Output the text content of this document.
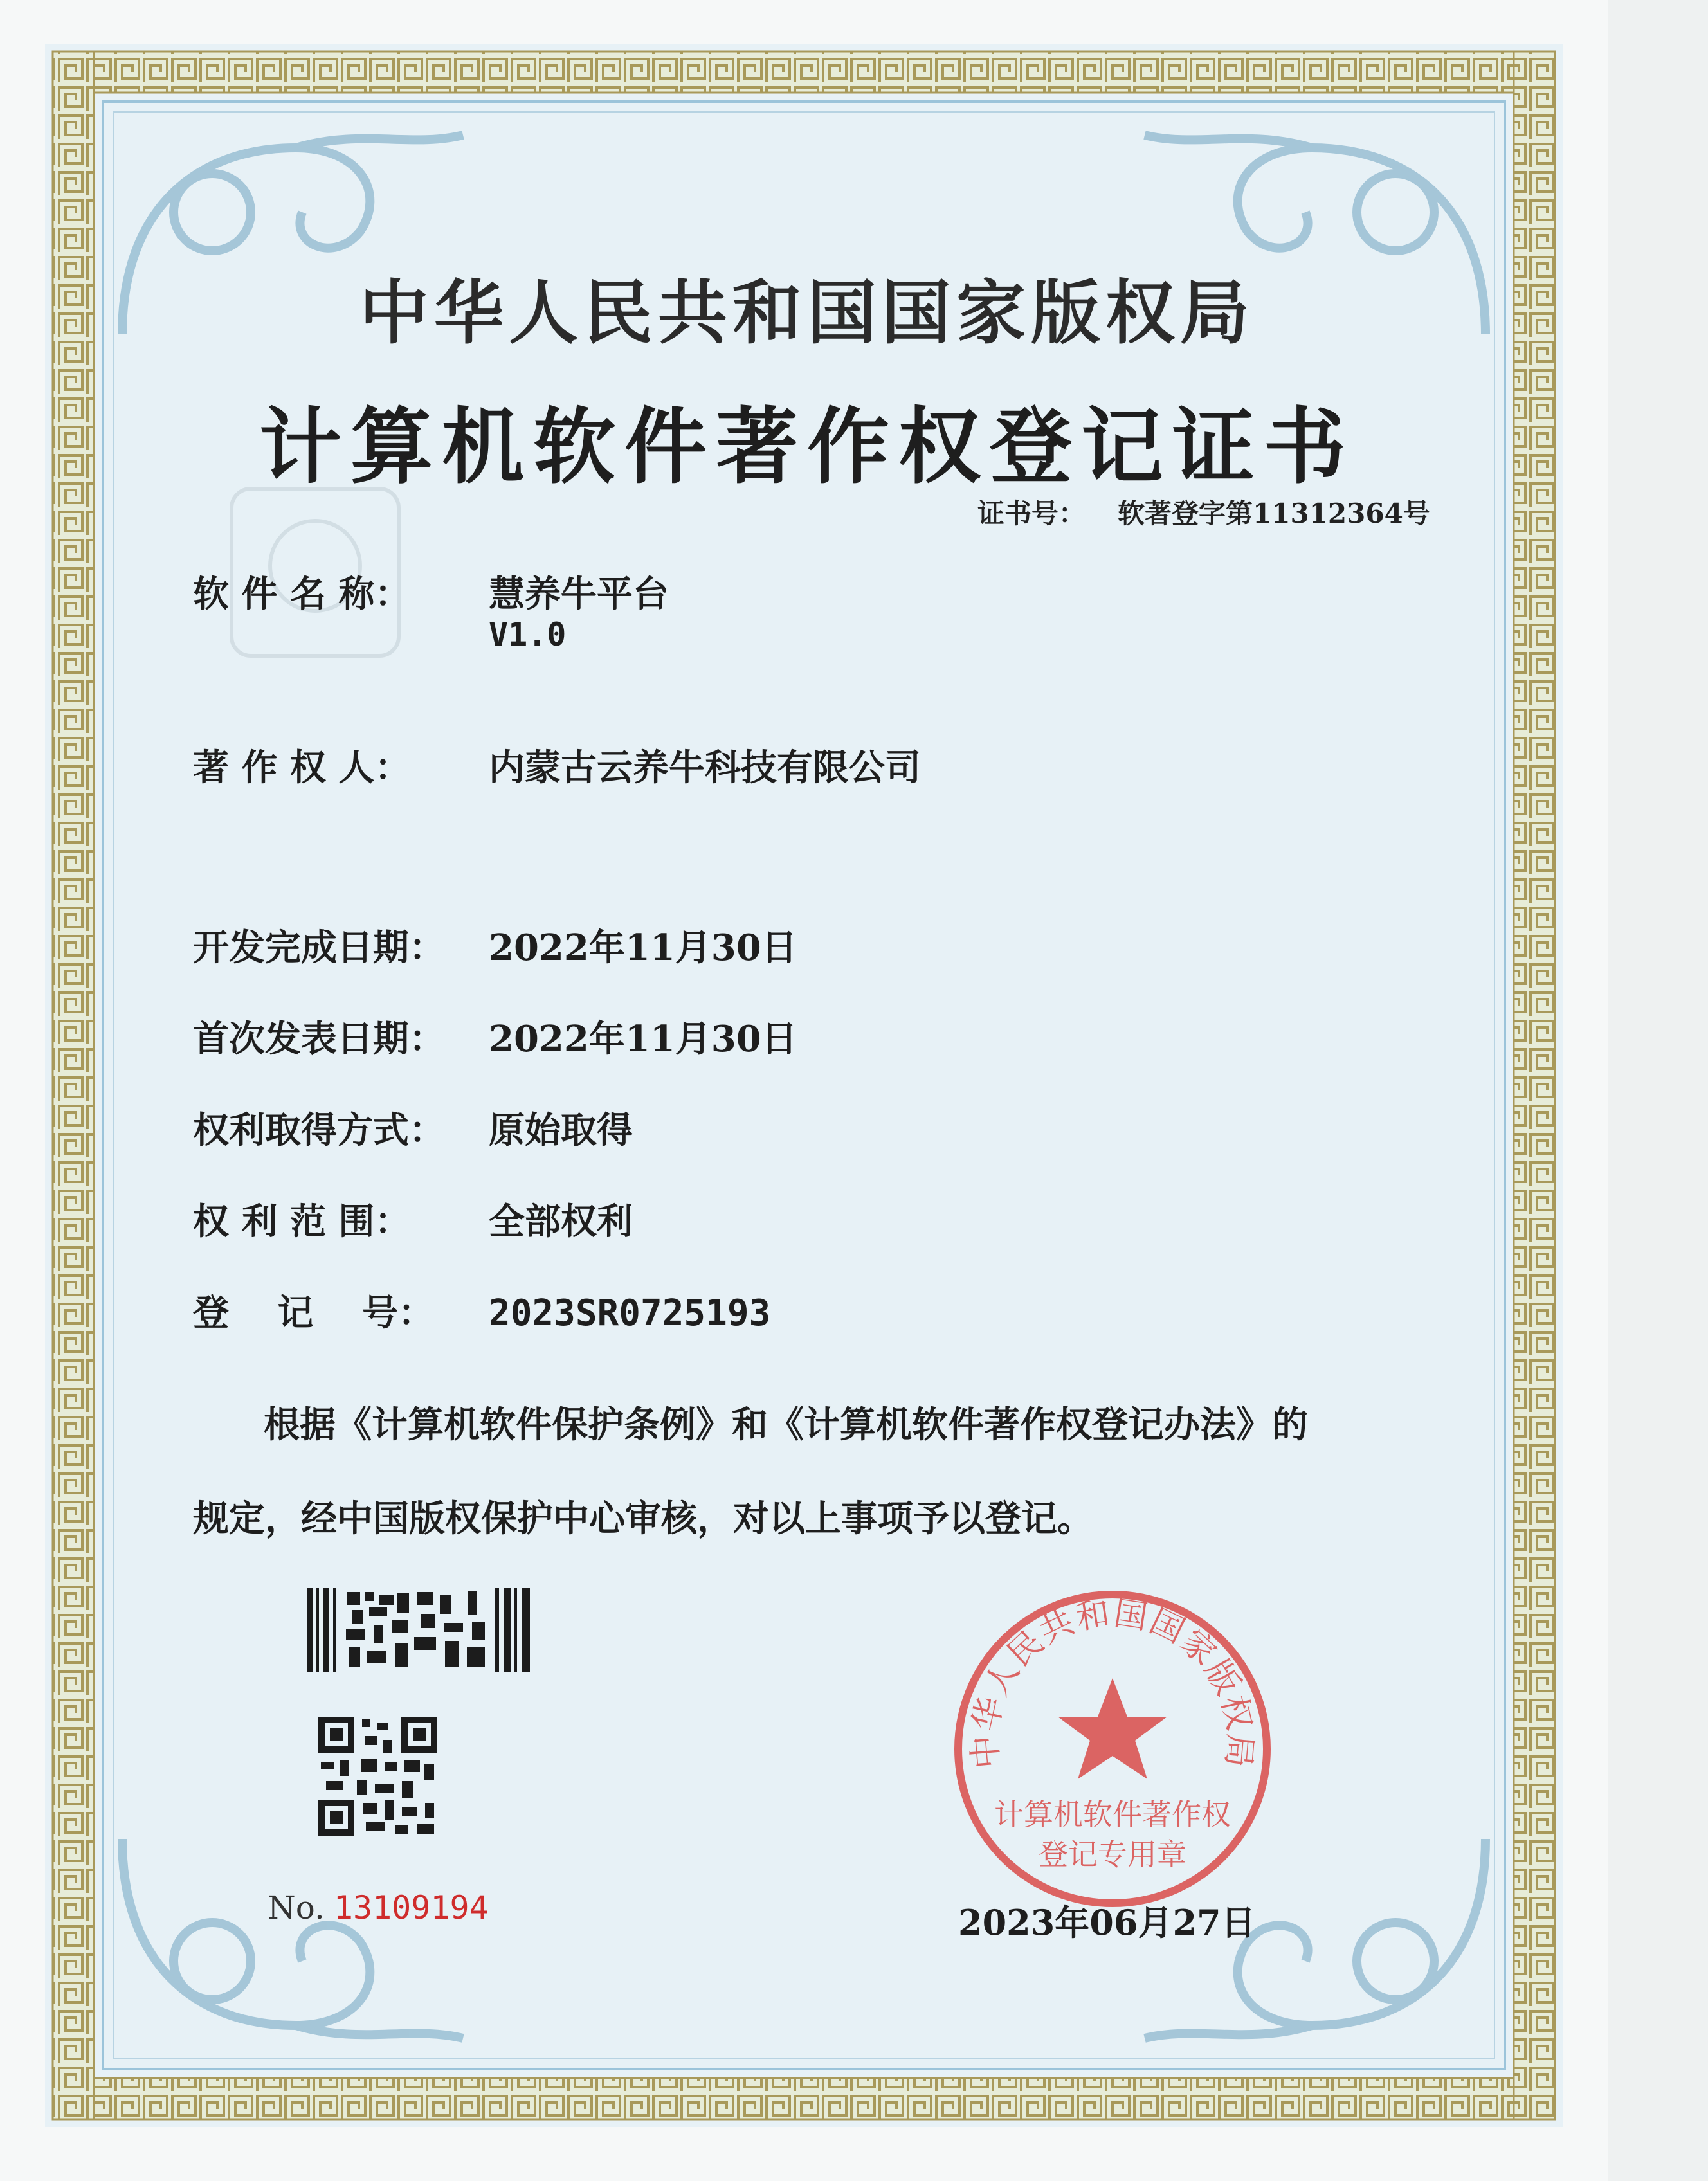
中华人民共和国国家版权局
计算机软件著作权登记证书
证书号： 软著登字第11312364号
软 件 名 称： 慧养牛平台
V1.0
著 作 权 人： 内蒙古云养牛科技有限公司
开发完成日期： 2022年11月30日
首次发表日期： 2022年11月30日
权利取得方式： 原始取得
权 利 范 围： 全部权利
登　 记　 号： 2023SR0725193
根据《计算机软件保护条例》和《计算机软件著作权登记办法》的
规定，经中国版权保护中心审核，对以上事项予以登记。
No. 13109194
中华人民共和国国家版权局
计算机软件著作权
登记专用章
2023年06月27日
